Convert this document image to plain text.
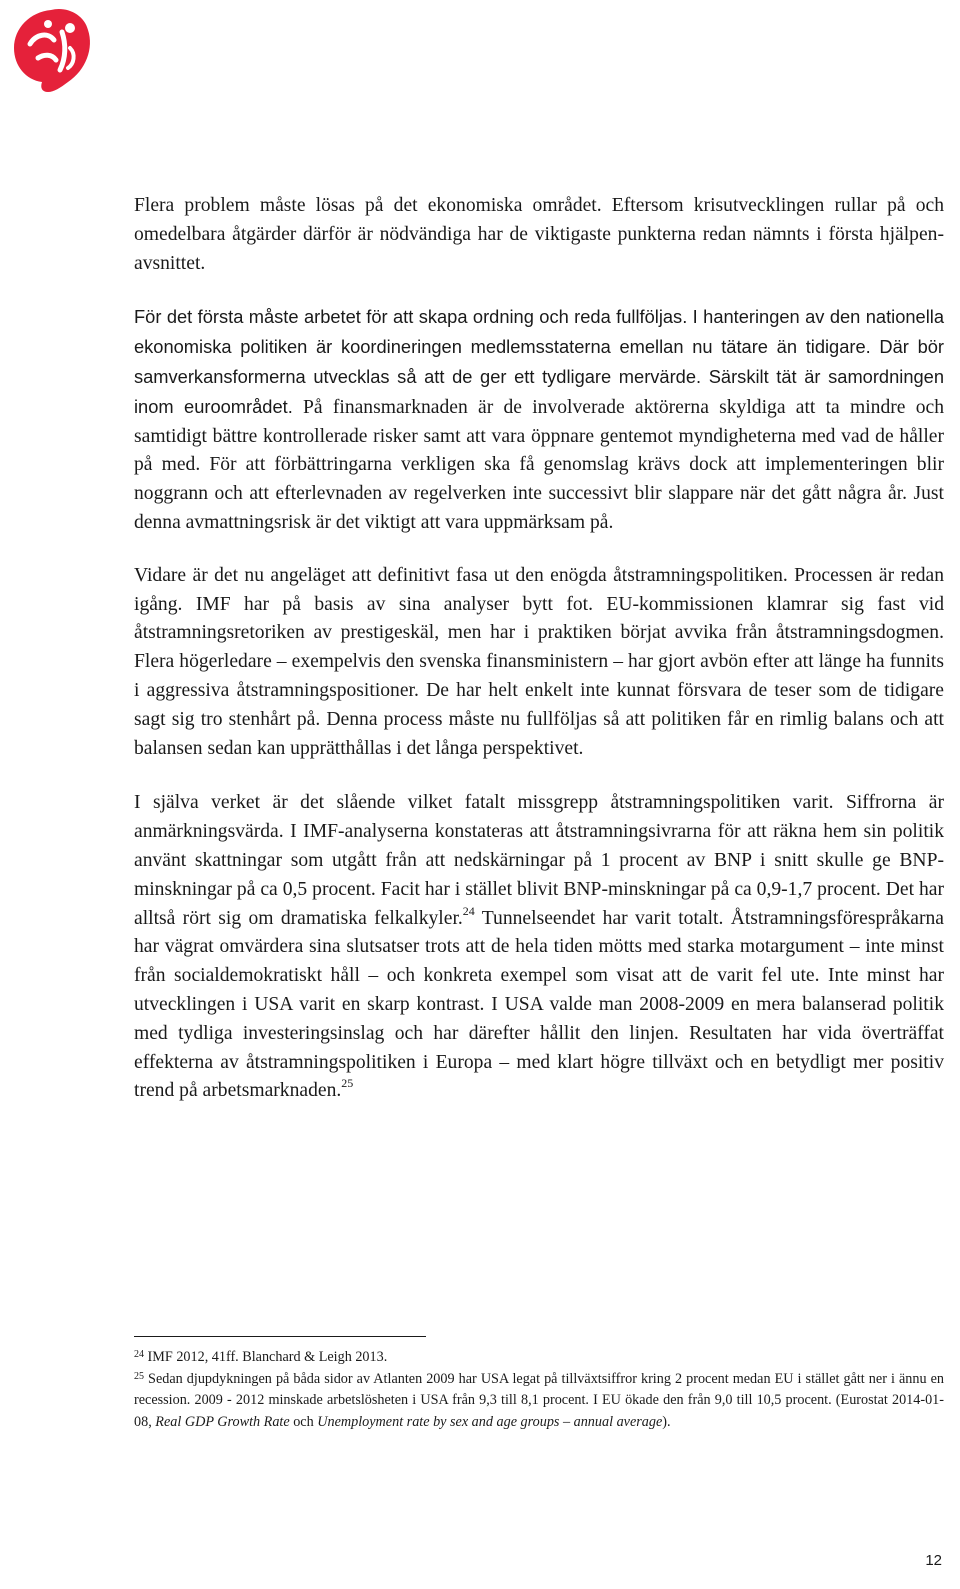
Flera problem måste lösas på det ekonomiska området. Eftersom krisutvecklingen rullar på och omedelbara åtgärder därför är nödvändiga har de viktigaste punkterna redan nämnts i första hjälpen-avsnittet.

För det första måste arbetet för att skapa ordning och reda fullföljas. I hanteringen av den nationella ekonomiska politiken är koordineringen medlemsstaterna emellan nu tätare än tidigare. Där bör samverkansformerna utvecklas så att de ger ett tydligare mervärde. Särskilt tät är samordningen inom euroområdet. På finansmarknaden är de involverade aktörerna skyldiga att ta mindre och samtidigt bättre kontrollerade risker samt att vara öppnare gentemot myndigheterna med vad de håller på med. För att förbättringarna verkligen ska få genomslag krävs dock att implementeringen blir noggrann och att efterlevnaden av regelverken inte successivt blir slappare när det gått några år. Just denna avmattningsrisk är det viktigt att vara uppmärksam på.

Vidare är det nu angeläget att definitivt fasa ut den enögda åtstramningspolitiken. Processen är redan igång. IMF har på basis av sina analyser bytt fot. EU-kommissionen klamrar sig fast vid åtstramningsretoriken av prestigeskäl, men har i praktiken börjat avvika från åtstramningsdogmen. Flera högerledare – exempelvis den svenska finansministern – har gjort avbön efter att länge ha funnits i aggressiva åtstramningspositioner. De har helt enkelt inte kunnat försvara de teser som de tidigare sagt sig tro stenhårt på. Denna process måste nu fullföljas så att politiken får en rimlig balans och att balansen sedan kan upprätthållas i det långa perspektivet.

I själva verket är det slående vilket fatalt missgrepp åtstramningspolitiken varit. Siffrorna är anmärkningsvärda. I IMF-analyserna konstateras att åtstramningsivrarna för att räkna hem sin politik använt skattningar som utgått från att nedskärningar på 1 procent av BNP i snitt skulle ge BNP-minskningar på ca 0,5 procent. Facit har i stället blivit BNP-minskningar på ca 0,9-1,7 procent. Det har alltså rört sig om dramatiska felkalkyler.$^{24}$ Tunnelseendet har varit totalt. Åtstramningsförespråkarna har vägrat omvärdera sina slutsatser trots att de hela tiden mötts med starka motargument – inte minst från socialdemokratiskt håll – och konkreta exempel som visat att de varit fel ute. Inte minst har utvecklingen i USA varit en skarp kontrast. I USA valde man 2008-2009 en mera balanserad politik med tydliga investeringsinslag och har därefter hållit den linjen. Resultaten har vida överträffat effekterna av åtstramningspolitiken i Europa – med klart högre tillväxt och en betydligt mer positiv trend på arbetsmarknaden.$^{25}$

$^{24}$ IMF 2012, 41ff. Blanchard & Leigh 2013.

$^{25}$ Sedan djupdykningen på båda sidor av Atlanten 2009 har USA legat på tillväxtsiffror kring 2 procent medan EU i stället gått ner i ännu en recession. 2009 - 2012 minskade arbetslösheten i USA från 9,3 till 8,1 procent. I EU ökade den från 9,0 till 10,5 procent. (Eurostat 2014-01-08, Real GDP Growth Rate och Unemployment rate by sex and age groups – annual average).

12
